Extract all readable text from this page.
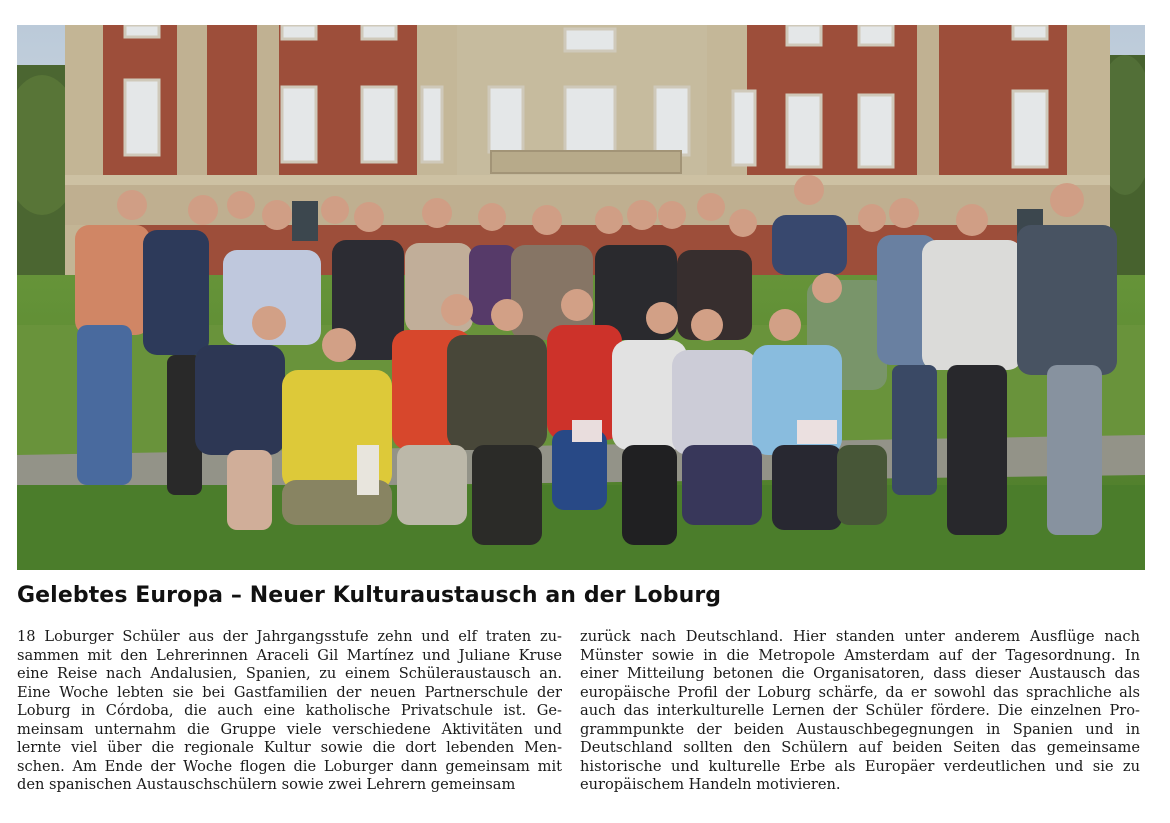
Gelebtes Europa – Neuer Kulturaustausch an der Loburg
18 Loburger Schüler aus der Jahrgangsstufe zehn und elf traten zu-
sammen mit den Lehrerinnen Araceli Gil Martínez und Juliane Kruse
eine Reise nach Andalusien, Spanien, zu einem Schüleraustausch an.
Eine Woche lebten sie bei Gastfamilien der neuen Partnerschule der
Loburg in Córdoba, die auch eine katholische Privatschule ist. Ge-
meinsam unternahm die Gruppe viele verschiedene Aktivitäten und
lernte viel über die regionale Kultur sowie die dort lebenden Men-
schen. Am Ende der Woche flogen die Loburger dann gemeinsam mit
den spanischen Austauschschülern sowie zwei Lehrern gemeinsam
zurück nach Deutschland. Hier standen unter anderem Ausflüge nach
Münster sowie in die Metropole Amsterdam auf der Tagesordnung. In
einer Mitteilung betonen die Organisatoren, dass dieser Austausch das
europäische Profil der Loburg schärfe, da er sowohl das sprachliche als
auch das interkulturelle Lernen der Schüler fördere. Die einzelnen Pro-
grammpunkte der beiden Austauschbegegnungen in Spanien und in
Deutschland sollten den Schülern auf beiden Seiten das gemeinsame
historische und kulturelle Erbe als Europäer verdeutlichen und sie zu
europäischem Handeln motivieren.
